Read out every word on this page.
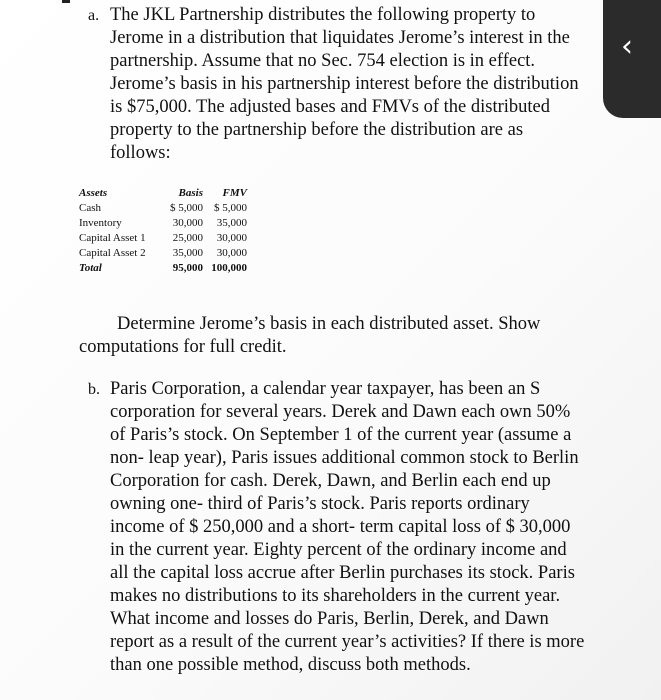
a. The JKL Partnership distributes the following property to Jerome in a distribution that liquidates Jerome’s interest in the partnership. Assume that no Sec. 754 election is in effect. Jerome’s basis in his partnership interest before the distribution is $75,000. The adjusted bases and FMVs of the distributed property to the partnership before the distribution are as follows:
Assets	Basis	FMV
Cash	$ 5,000	$ 5,000
Inventory	30,000	35,000
Capital Asset 1	25,000	30,000
Capital Asset 2	35,000	30,000
Total	95,000	100,000
Determine Jerome’s basis in each distributed asset. Show computations for full credit.
b. Paris Corporation, a calendar year taxpayer, has been an S corporation for several years. Derek and Dawn each own 50% of Paris’s stock. On September 1 of the current year (assume a non- leap year), Paris issues additional common stock to Berlin Corporation for cash. Derek, Dawn, and Berlin each end up owning one- third of Paris’s stock. Paris reports ordinary income of $ 250,000 and a short- term capital loss of $ 30,000 in the current year. Eighty percent of the ordinary income and all the capital loss accrue after Berlin purchases its stock. Paris makes no distributions to its shareholders in the current year. What income and losses do Paris, Berlin, Derek, and Dawn report as a result of the current year’s activities? If there is more than one possible method, discuss both methods.
‹
